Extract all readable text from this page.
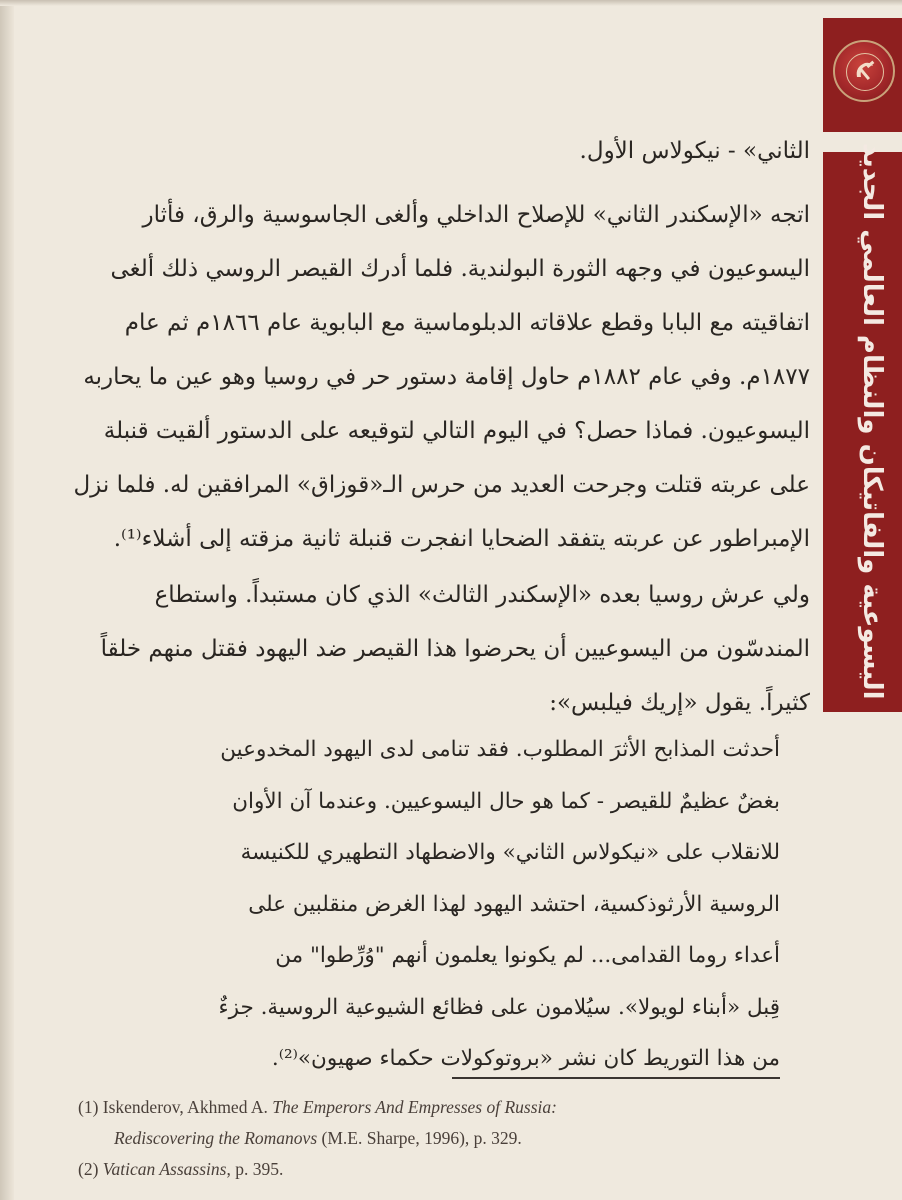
اليسوعية والفاتيكان والنظام العالمي الجديد
الثاني» - نيكولاس الأول.
اتجه «الإسكندر الثاني» للإصلاح الداخلي وألغى الجاسوسية والرق، فأثار
اليسوعيون في وجهه الثورة البولندية. فلما أدرك القيصر الروسي ذلك ألغى
اتفاقيته مع البابا وقطع علاقاته الدبلوماسية مع البابوية عام ١٨٦٦م ثم عام
١٨٧٧م. وفي عام ١٨٨٢م حاول إقامة دستور حر في روسيا وهو عين ما يحاربه
اليسوعيون. فماذا حصل؟ في اليوم التالي لتوقيعه على الدستور ألقيت قنبلة
على عربته قتلت وجرحت العديد من حرس الـ«قوزاق» المرافقين له. فلما نزل
الإمبراطور عن عربته يتفقد الضحايا انفجرت قنبلة ثانية مزقته إلى أشلاء⁽¹⁾.
ولي عرش روسيا بعده «الإسكندر الثالث» الذي كان مستبداً. واستطاع
المندسّون من اليسوعيين أن يحرضوا هذا القيصر ضد اليهود فقتل منهم خلقاً
كثيراً. يقول «إريك فيلبس»:
أحدثت المذابح الأثرَ المطلوب. فقد تنامى لدى اليهود المخدوعين
بغضٌ عظيمٌ للقيصر - كما هو حال اليسوعيين. وعندما آن الأوان
للانقلاب على «نيكولاس الثاني» والاضطهاد التطهيري للكنيسة
الروسية الأرثوذكسية، احتشد اليهود لهذا الغرض منقلبين على
أعداء روما القدامى... لم يكونوا يعلمون أنهم "وُرِّطوا" من
قِبل «أبناء لويولا». سيُلامون على فظائع الشيوعية الروسية. جزءٌ
من هذا التوريط كان نشر «بروتوكولات حكماء صهيون»⁽²⁾.
(1) Iskenderov, Akhmed A. The Emperors And Empresses of Russia:
Rediscovering the Romanovs (M.E. Sharpe, 1996), p. 329.
(2) Vatican Assassins, p. 395.
